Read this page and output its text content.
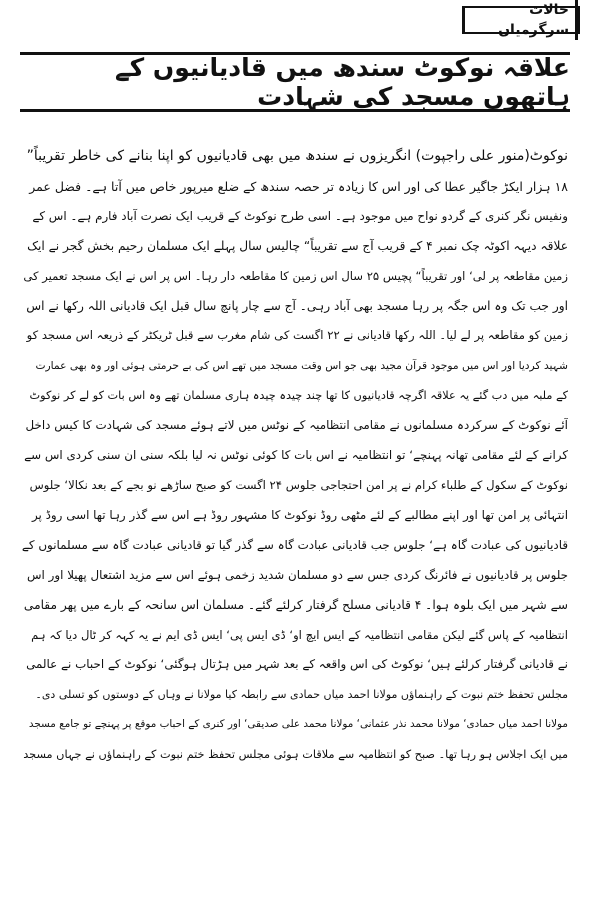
حالات سرگرمیاں
علاقہ نوکوٹ سندھ میں قادیانیوں کے ہاتھوں مسجد کی شہادت
نوکوٹ(منور علی راجپوت) انگریزوں نے سندھ میں بھی قادیانیوں کو اپنا بنانے کی خاطر تقریباً”
۱۸ ہزار ایکڑ جاگیر عطا کی اور اس کا زیادہ تر حصہ سندھ کے ضلع میرپور خاص میں آتا ہے۔ فضل عمر
ونفیس نگر کنری کے گردو نواح میں موجود ہے۔ اسی طرح نوکوٹ کے قریب ایک نصرت آباد فارم ہے۔ اس کے
علاقہ دیہہ اکوٹہ چک نمبر ۴ کے قریب آج سے تقریباً“ چالیس سال پہلے ایک مسلمان رحیم بخش گجر نے ایک
زمین مقاطعہ پر لی‘ اور تقریباً“ پچیس ۲۵ سال اس زمین کا مقاطعہ دار رہا۔ اس پر اس نے ایک مسجد تعمیر کی
اور جب تک وہ اس جگہ پر رہا مسجد بھی آباد رہی۔ آج سے چار پانچ سال قبل ایک قادیانی اللہ رکھا نے اس
زمین کو مقاطعہ پر لے لیا۔ اللہ رکھا قادیانی نے ۲۲ اگست کی شام مغرب سے قبل ٹریکٹر کے ذریعہ اس مسجد کو
شہید کردیا اور اس میں موجود قرآن مجید بھی جو اس وقت مسجد میں تھے اس کی بے حرمتی ہوئی اور وہ بھی عمارت
کے ملبہ میں دب گئے یہ علاقہ اگرچہ قادیانیوں کا تھا چند چیدہ چیدہ ہاری مسلمان تھے وہ اس بات کو لے کر نوکوٹ
آئے نوکوٹ کے سرکردہ مسلمانوں نے مقامی انتظامیہ کے نوٹس میں لاتے ہوئے مسجد کی شہادت کا کیس داخل
کرانے کے لئے مقامی تھانہ پہنچے‘ تو انتظامیہ نے اس بات کا کوئی نوٹس نہ لیا بلکہ سنی ان سنی کردی اس سے
نوکوٹ کے سکول کے طلباء کرام نے پر امن احتجاجی جلوس ۲۴ اگست کو صبح ساڑھے نو بجے کے بعد نکالا‘ جلوس
انتہائی پر امن تھا اور اپنے مطالبے کے لئے مٹھی روڈ نوکوٹ کا مشہور روڈ ہے اس سے گذر رہا تھا اسی روڈ پر
قادیانیوں کی عبادت گاہ ہے‘ جلوس جب قادیانی عبادت گاہ سے گذر گیا تو قادیانی عبادت گاہ سے مسلمانوں کے
جلوس پر قادیانیوں نے فائرنگ کردی جس سے دو مسلمان شدید زخمی ہوئے اس سے مزید اشتعال پھیلا اور اس
سے شہر میں ایک بلوہ ہوا۔ ۴ قادیانی مسلح گرفتار کرلئے گئے۔ مسلمان اس سانحہ کے بارے میں پھر مقامی
انتظامیہ کے پاس گئے لیکن مقامی انتظامیہ کے ایس ایچ او‘ ڈی ایس پی‘ ایس ڈی ایم نے یہ کہہ کر ٹال دیا کہ ہم
نے قادیانی گرفتار کرلئے ہیں‘ نوکوٹ کی اس واقعہ کے بعد شہر میں ہڑتال ہوگئی‘ نوکوٹ کے احباب نے عالمی
مجلس تحفظ ختم نبوت کے راہنماؤں مولانا احمد میاں حمادی سے رابطہ کیا مولانا نے وہاں کے دوستوں کو تسلی دی۔
مولانا احمد میاں حمادی‘ مولانا محمد نذر عثمانی‘ مولانا محمد علی صدیقی‘ اور کنری کے احباب موقع پر پہنچے تو جامع مسجد
میں ایک اجلاس ہو رہا تھا۔ صبح کو انتظامیہ سے ملاقات ہوئی مجلس تحفظ ختم نبوت کے راہنماؤں نے جہاں مسجد
